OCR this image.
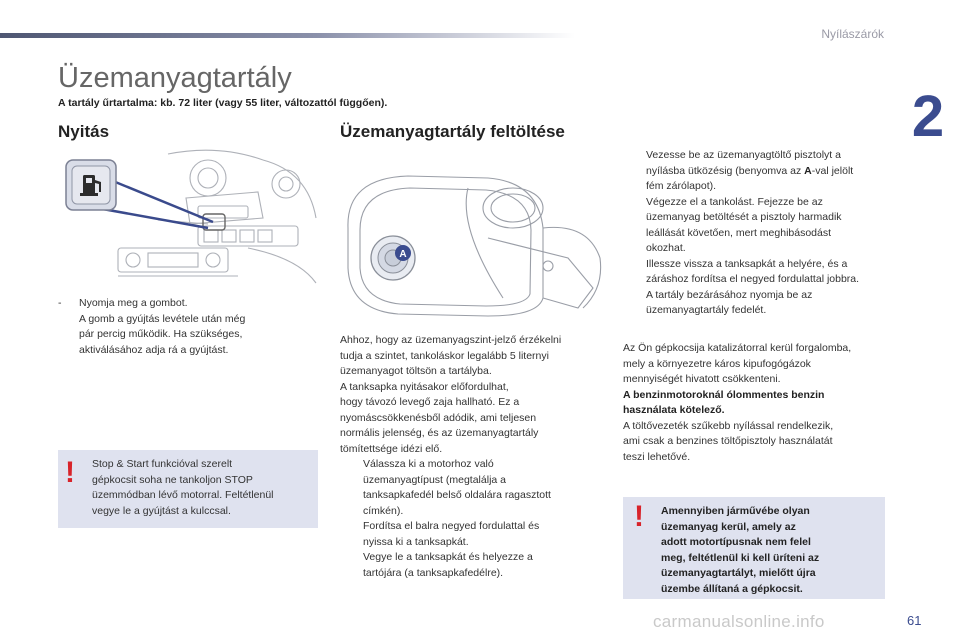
Nyílászárók
2
Üzemanyagtartály
A tartály űrtartalma: kb. 72 liter (vagy 55 liter, változattól függően).
Nyitás	Üzemanyagtartály feltöltése
A
- Nyomja meg a gombot.
A gomb a gyújtás levétele után még
pár percig működik. Ha szükséges,
aktiválásához adja rá a gyújtást.
! Stop & Start funkcióval szerelt
gépkocsit soha ne tankoljon STOP
üzemmódban lévő motorral. Feltétlenül
vegye le a gyújtást a kulccsal.
Ahhoz, hogy az üzemanyagszint-jelző érzékelni
tudja a szintet, tankoláskor legalább 5 liternyi
üzemanyagot töltsön a tartályba.
A tanksapka nyitásakor előfordulhat,
hogy távozó levegő zaja hallható. Ez a
nyomáscsökkenésből adódik, ami teljesen
normális jelenség, és az üzemanyagtartály
tömítettsége idézi elő.
Válassza ki a motorhoz való
üzemanyagtípust (megtalálja a
tanksapkafedél belső oldalára ragasztott
címkén).
Fordítsa el balra negyed fordulattal és
nyissa ki a tanksapkát.
Vegye le a tanksapkát és helyezze a
tartójára (a tanksapkafedélre).
Vezesse be az üzemanyagtöltő pisztolyt a
nyílásba ütközésig (benyomva az A-val jelölt
fém zárólapot).
Végezze el a tankolást. Fejezze be az
üzemanyag betöltését a pisztoly harmadik
leállását követően, mert meghibásodást
okozhat.
Illessze vissza a tanksapkát a helyére, és a
záráshoz fordítsa el negyed fordulattal jobbra.
A tartály bezárásához nyomja be az
üzemanyagtartály fedelét.
Az Ön gépkocsija katalizátorral kerül forgalomba,
mely a környezetre káros kipufogógázok
mennyiségét hivatott csökkenteni.
A benzinmotoroknál ólommentes benzin
használata kötelező.
A töltővezeték szűkebb nyílással rendelkezik,
ami csak a benzines töltőpisztoly használatát
teszi lehetővé.
! Amennyiben járművébe olyan
üzemanyag kerül, amely az
adott motortípusnak nem felel
meg, feltétlenül ki kell üríteni az
üzemanyagtartályt, mielőtt újra
üzembe állítaná a gépkocsit.
carmanualsonline.info	61
